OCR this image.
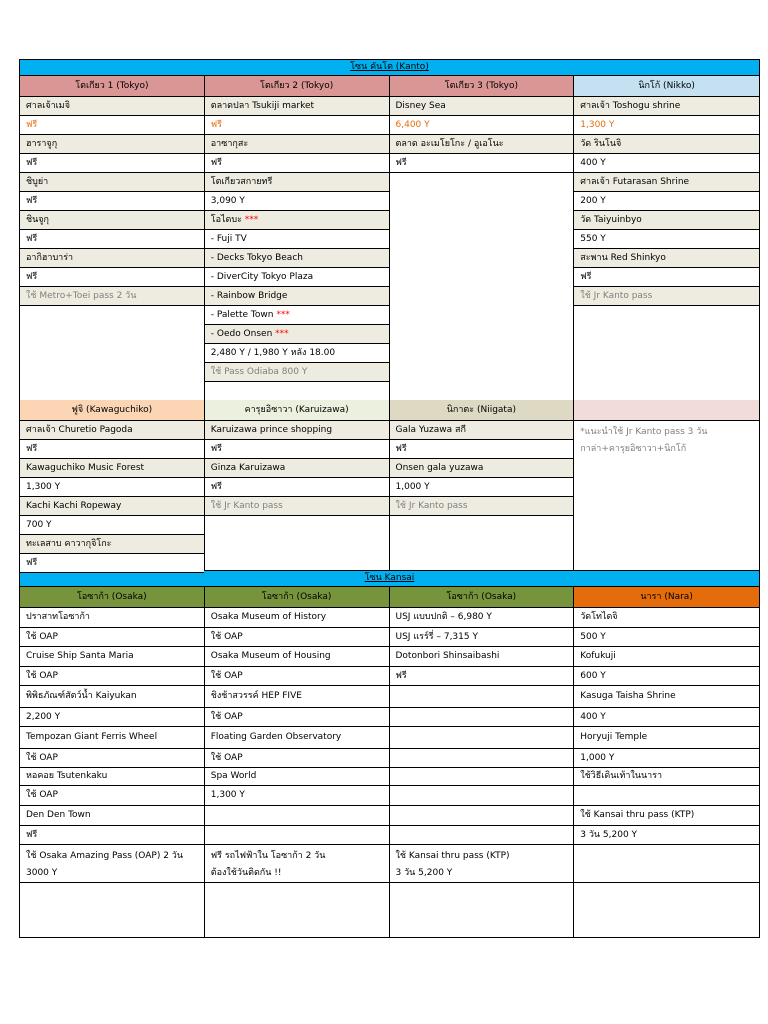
โซน คันโต (Kanto)
โตเกียว 1 (Tokyo)
ศาลเจ้าเมจิ
ฟรี
ฮาราจูกุ
ฟรี
ชิบูย่า
ฟรี
ชินจูกุ
ฟรี
อากิฮาบาร่า
ฟรี
ใช้ Metro+Toei pass 2 วัน
โตเกียว 2 (Tokyo)
ตลาดปลา Tsukiji market
ฟรี
อาซากุสะ
ฟรี
โตเกียวสกายทรี
3,090 Y
โอไดบะ ***
- Fuji TV
- Decks Tokyo Beach
- DiverCity Tokyo Plaza
- Rainbow Bridge
- Palette Town ***
- Oedo Onsen ***
2,480 Y / 1,980 Y หลัง 18.00
ใช้ Pass Odiaba 800 Y
โตเกียว 3 (Tokyo)
Disney Sea
6,400 Y
ตลาด อะเมโยโกะ / อูเอโนะ
ฟรี
นิกโก้ (Nikko)
ศาลเจ้า Toshogu shrine
1,300 Y
วัด รินโนจิ
400 Y
ศาลเจ้า Futarasan Shrine
200 Y
วัด Taiyuinbyo
550 Y
สะพาน Red Shinkyo
ฟรี
ใช้ Jr Kanto pass
ฟูจิ (Kawaguchiko)
ศาลเจ้า Churetio Pagoda
ฟรี
Kawaguchiko Music Forest
1,300 Y
Kachi Kachi Ropeway
700 Y
ทะเลสาบ คาวากุจิโกะ
ฟรี
คารุยอิซาวา (Karuizawa)
Karuizawa prince shopping
ฟรี
Ginza Karuizawa
ฟรี
ใช้ Jr Kanto pass
นิกาตะ (Niigata)
Gala Yuzawa สกี
ฟรี
Onsen gala yuzawa
1,000 Y
ใช้ Jr Kanto pass
*แนะนำใช้ Jr Kanto pass 3 วัน
กาล่า+คารุยอิซาวา+นิกโก้
โซน Kansai
โอซาก้า (Osaka)
ปราสาทโอซาก้า
ใช้ OAP
Cruise Ship Santa Maria
ใช้ OAP
พิพิธภัณฑ์สัตว์น้ำ Kaiyukan
2,200 Y
Tempozan Giant Ferris Wheel
ใช้ OAP
หอคอย Tsutenkaku
ใช้ OAP
Den Den Town
ฟรี
ใช้ Osaka Amazing Pass (OAP) 2 วัน
3000 Y
โอซาก้า (Osaka)
Osaka Museum of History
ใช้ OAP
Osaka Museum of Housing
ใช้ OAP
ชิงช้าสวรรค์ HEP FIVE
ใช้ OAP
Floating Garden Observatory
ใช้ OAP
Spa World
1,300 Y
ฟรี รถไฟฟ้าใน โอซาก้า 2 วัน
ต้องใช้วันติดกัน !!
โอซาก้า (Osaka)
USJ แบบปกติ – 6,980 Y
USJ แรร์รี่ – 7,315 Y
Dotonbori Shinsaibashi
ฟรี
ใช้ Kansai thru pass (KTP)
3 วัน 5,200 Y
นารา (Nara)
วัดโทไดจิ
500 Y
Kofukuji
600 Y
Kasuga Taisha Shrine
400 Y
Horyuji Temple
1,000 Y
ใช้วิธีเดินเท้าในนารา
ใช้ Kansai thru pass (KTP)
3 วัน 5,200 Y
